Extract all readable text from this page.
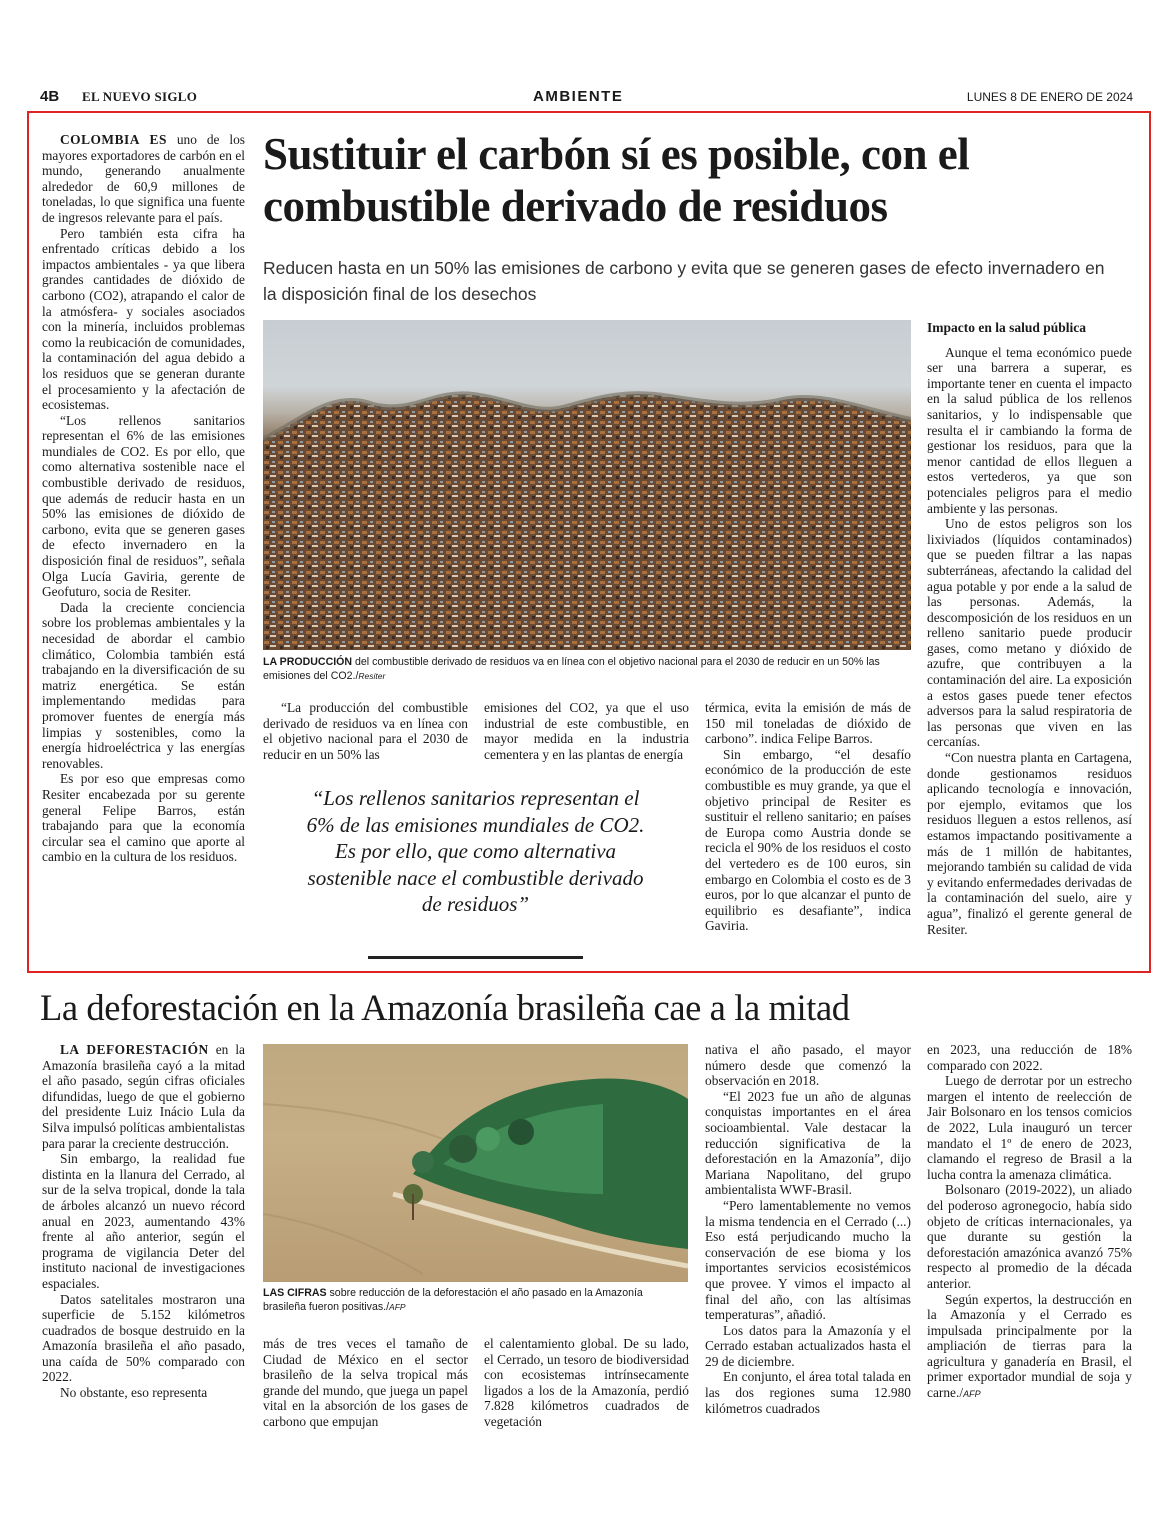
4B EL NUEVO SIGLO	AMBIENTE	LUNES 8 DE ENERO DE 2024

COLOMBIA ES uno de los mayores exportadores de carbón en el mundo, generando anualmente alrededor de 60,9 millones de toneladas, lo que significa una fuente de ingresos relevante para el país.

Pero también esta cifra ha enfrentado críticas debido a los impactos ambientales - ya que libera grandes cantidades de dióxido de carbono (CO2), atrapando el calor de la atmósfera- y sociales asociados con la minería, incluidos problemas como la reubicación de comunidades, la contaminación del agua debido a los residuos que se generan durante el procesamiento y la afectación de ecosistemas.

“Los rellenos sanitarios representan el 6% de las emisiones mundiales de CO2. Es por ello, que como alternativa sostenible nace el combustible derivado de residuos, que además de reducir hasta en un 50% las emisiones de dióxido de carbono, evita que se generen gases de efecto invernadero en la disposición final de residuos”, señala Olga Lucía Gaviria, gerente de Geofuturo, socia de Resiter.

Dada la creciente conciencia sobre los problemas ambientales y la necesidad de abordar el cambio climático, Colombia también está trabajando en la diversificación de su matriz energética. Se están implementando medidas para promover fuentes de energía más limpias y sostenibles, como la energía hidroeléctrica y las energías renovables.

Es por eso que empresas como Resiter encabezada por su gerente general Felipe Barros, están trabajando para que la economía circular sea el camino que aporte al cambio en la cultura de los residuos.

Sustituir el carbón sí es posible, con el combustible derivado de residuos
Reducen hasta en un 50% las emisiones de carbono y evita que se generen gases de efecto invernadero en la disposición final de los desechos
LA PRODUCCIÓN del combustible derivado de residuos va en línea con el objetivo nacional para el 2030 de reducir en un 50% las emisiones del CO2./Resiter

“La producción del combustible derivado de residuos va en línea con el objetivo nacional para el 2030 de reducir en un 50% las

emisiones del CO2, ya que el uso industrial de este combustible, en mayor medida en la industria cementera y en las plantas de energía

térmica, evita la emisión de más de 150 mil toneladas de dióxido de carbono”. indica Felipe Barros.

Sin embargo, “el desafío económico de la producción de este combustible es muy grande, ya que el objetivo principal de Resiter es sustituir el relleno sanitario; en países de Europa como Austria donde se recicla el 90% de los residuos el costo del vertedero es de 100 euros, sin embargo en Colombia el costo es de 3 euros, por lo que alcanzar el punto de equilibrio es desafiante”, indica Gaviria.

“Los rellenos sanitarios representan el 6% de las emisiones mundiales de CO2. Es por ello, que como alternativa sostenible nace el combustible derivado de residuos”
Impacto en la salud pública

Aunque el tema económico puede ser una barrera a superar, es importante tener en cuenta el impacto en la salud pública de los rellenos sanitarios, y lo indispensable que resulta el ir cambiando la forma de gestionar los residuos, para que la menor cantidad de ellos lleguen a estos vertederos, ya que son potenciales peligros para el medio ambiente y las personas.

Uno de estos peligros son los lixiviados (líquidos contaminados) que se pueden filtrar a las napas subterráneas, afectando la calidad del agua potable y por ende a la salud de las personas. Además, la descomposición de los residuos en un relleno sanitario puede producir gases, como metano y dióxido de azufre, que contribuyen a la contaminación del aire. La exposición a estos gases puede tener efectos adversos para la salud respiratoria de las personas que viven en las cercanías.

“Con nuestra planta en Cartagena, donde gestionamos residuos aplicando tecnología e innovación, por ejemplo, evitamos que los residuos lleguen a estos rellenos, así estamos impactando positivamente a más de 1 millón de habitantes, mejorando también su calidad de vida y evitando enfermedades derivadas de la contaminación del suelo, aire y agua”, finalizó el gerente general de Resiter.

La deforestación en la Amazonía brasileña cae a la mitad

LA DEFORESTACIÓN en la Amazonía brasileña cayó a la mitad el año pasado, según cifras oficiales difundidas, luego de que el gobierno del presidente Luiz Inácio Lula da Silva impulsó políticas ambientalistas para parar la creciente destrucción.

Sin embargo, la realidad fue distinta en la llanura del Cerrado, al sur de la selva tropical, donde la tala de árboles alcanzó un nuevo récord anual en 2023, aumentando 43% frente al año anterior, según el programa de vigilancia Deter del instituto nacional de investigaciones espaciales.

Datos satelitales mostraron una superficie de 5.152 kilómetros cuadrados de bosque destruido en la Amazonía brasileña el año pasado, una caída de 50% comparado con 2022.

No obstante, eso representa

LAS CIFRAS sobre reducción de la deforestación el año pasado en la Amazonía brasileña fueron positivas./AFP

más de tres veces el tamaño de Ciudad de México en el sector brasileño de la selva tropical más grande del mundo, que juega un papel vital en la absorción de los gases de carbono que empujan

el calentamiento global. De su lado, el Cerrado, un tesoro de biodiversidad con ecosistemas intrínsecamente ligados a los de la Amazonía, perdió 7.828 kilómetros cuadrados de vegetación

nativa el año pasado, el mayor número desde que comenzó la observación en 2018.

“El 2023 fue un año de algunas conquistas importantes en el área socioambiental. Vale destacar la reducción significativa de la deforestación en la Amazonía”, dijo Mariana Napolitano, del grupo ambientalista WWF-Brasil.

“Pero lamentablemente no vemos la misma tendencia en el Cerrado (...) Eso está perjudicando mucho la conservación de ese bioma y los importantes servicios ecosistémicos que provee. Y vimos el impacto al final del año, con las altísimas temperaturas”, añadió.

Los datos para la Amazonía y el Cerrado estaban actualizados hasta el 29 de diciembre.

En conjunto, el área total talada en las dos regiones suma 12.980 kilómetros cuadrados

en 2023, una reducción de 18% comparado con 2022.

Luego de derrotar por un estrecho margen el intento de reelección de Jair Bolsonaro en los tensos comicios de 2022, Lula inauguró un tercer mandato el 1º de enero de 2023, clamando el regreso de Brasil a la lucha contra la amenaza climática.

Bolsonaro (2019-2022), un aliado del poderoso agronegocio, había sido objeto de críticas internacionales, ya que durante su gestión la deforestación amazónica avanzó 75% respecto al promedio de la década anterior.

Según expertos, la destrucción en la Amazonía y el Cerrado es impulsada principalmente por la ampliación de tierras para la agricultura y ganadería en Brasil, el primer exportador mundial de soja y carne./AFP
